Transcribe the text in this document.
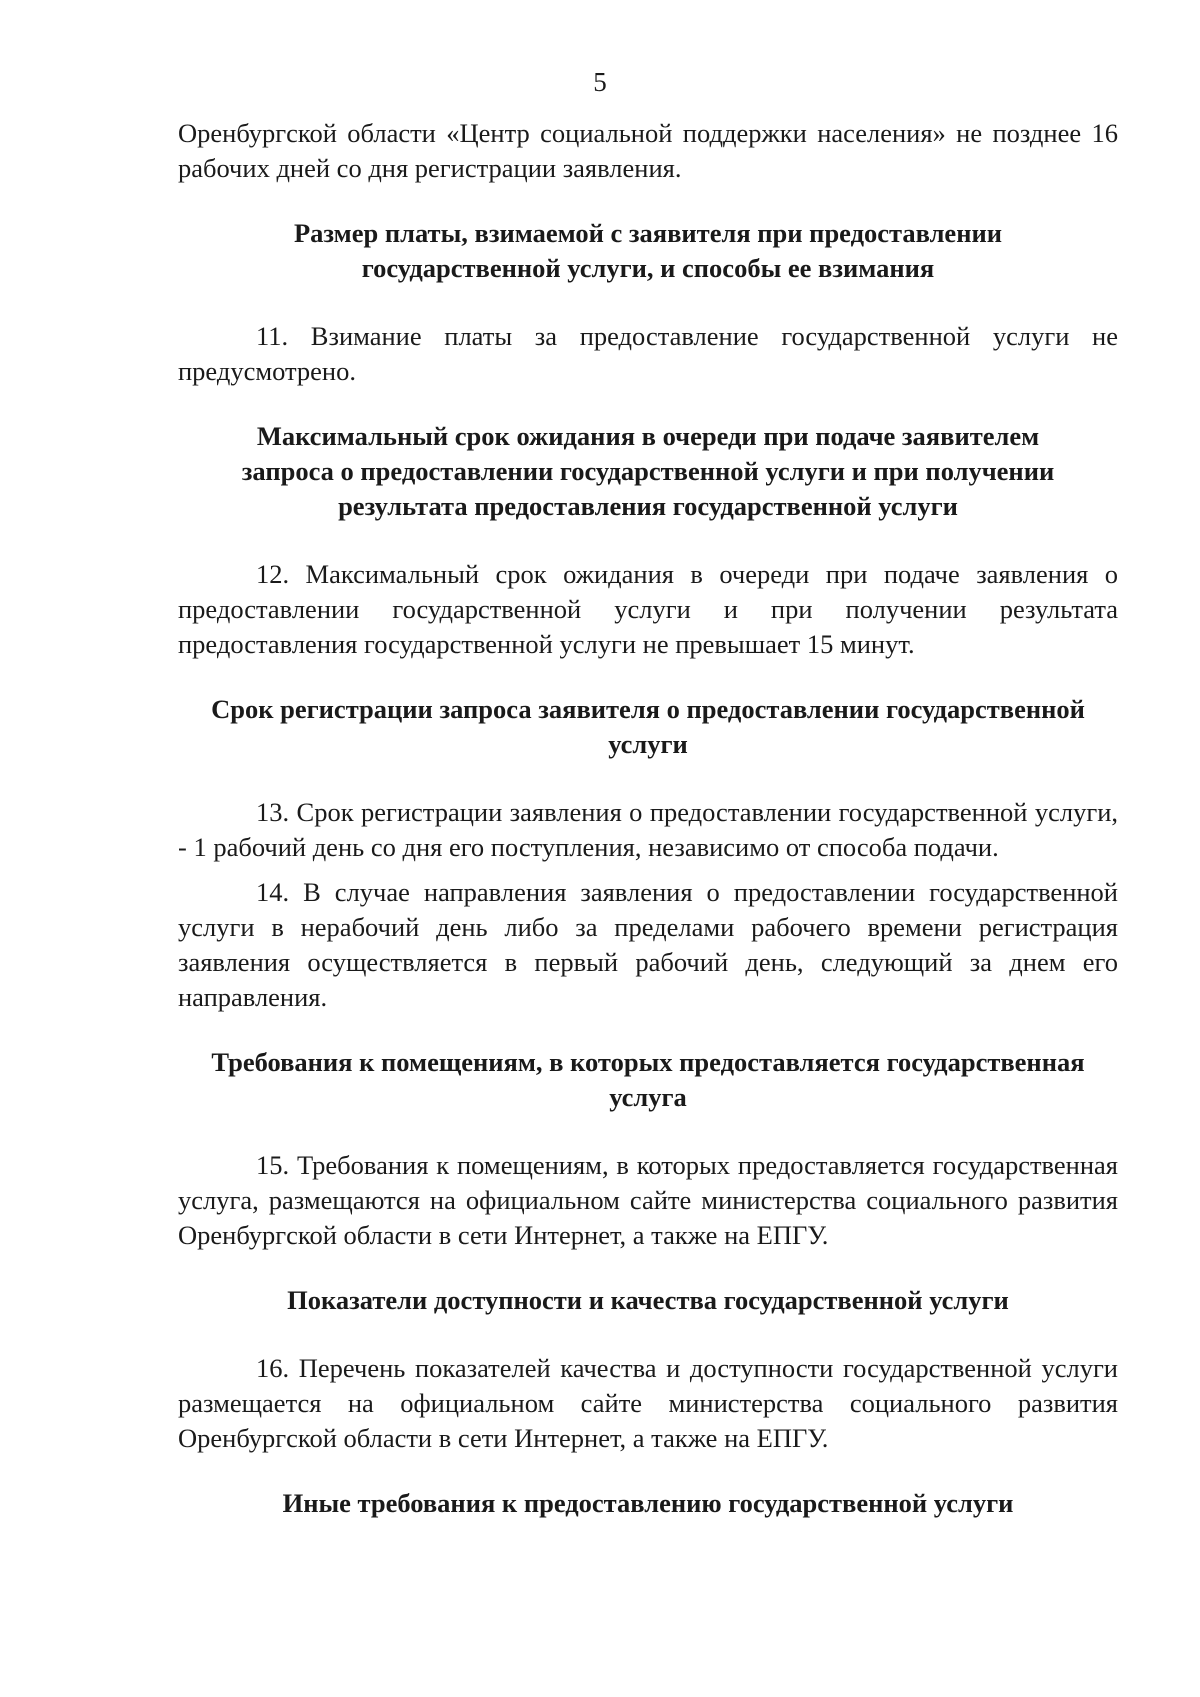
5

Оренбургской области «Центр социальной поддержки населения» не позднее 16 рабочих дней со дня регистрации заявления.

Размер платы, взимаемой с заявителя при предоставлении
государственной услуги, и способы ее взимания

11. Взимание платы за предоставление государственной услуги не предусмотрено.

Максимальный срок ожидания в очереди при подаче заявителем
запроса о предоставлении государственной услуги и при получении
результата предоставления государственной услуги

12. Максимальный срок ожидания в очереди при подаче заявления о предоставлении государственной услуги и при получении результата предоставления государственной услуги не превышает 15 минут.

Срок регистрации запроса заявителя о предоставлении государственной
услуги

13. Срок регистрации заявления о предоставлении государственной услуги, - 1 рабочий день со дня его поступления, независимо от способа подачи.

14. В случае направления заявления о предоставлении государственной услуги в нерабочий день либо за пределами рабочего времени регистрация заявления осуществляется в первый рабочий день, следующий за днем его направления.

Требования к помещениям, в которых предоставляется государственная
услуга

15. Требования к помещениям, в которых предоставляется государственная услуга, размещаются на официальном сайте министерства социального развития Оренбургской области в сети Интернет, а также на ЕПГУ.

Показатели доступности и качества государственной услуги

16. Перечень показателей качества и доступности государственной услуги размещается на официальном сайте министерства социального развития Оренбургской области в сети Интернет, а также на ЕПГУ.

Иные требования к предоставлению государственной услуги
